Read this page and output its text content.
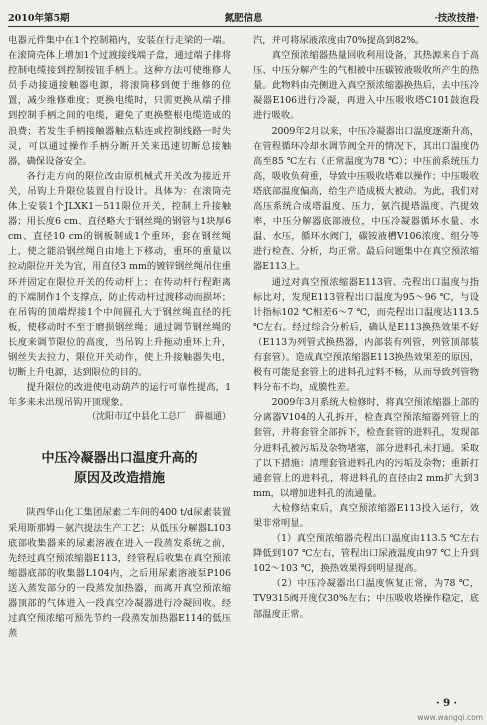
2010年第5期	氮肥信息	·技改技措·

电器元件集中在1个控制箱内，安装在行走梁的一端。在滚筒壳体上增加1个过渡接线端子盒，通过端子排将控制电缆接到控制按钮手柄上。这种方法可使维修人员手动接通接触器电源，将滚筒移到便于维修的位置，减少维修难度；更换电缆时，只需更换从端子排到控制手柄之间的电缆，避免了更换整根电缆造成的浪费；若发生手柄接触器触点粘连或控制线路一时失灵，可以通过操作手柄分断开关来迅速切断总接触器，确保设备安全。

各行走方向的限位改由原机械式开关改为接近开关，吊钩上升限位装置自行设计。具体为：在滚筒壳体上安装1个JLXK1－511限位开关，控制上升接触器；用长度6 cm、直径略大于钢丝绳的钢管与1块厚6 cm、直径10 cm的钢板制成1个重环，套在钢丝绳上，使之能沿钢丝绳自由地上下移动，重环的重量以拉动限位开关为宜，用直径3 mm的镀锌钢丝绳吊住重环并固定在限位开关的传动杆上；在传动杆行程距离的下端制作1个支撑点，防止传动杆过渡移动而损坏；在吊钩的顶端焊接1个中间圆孔大于钢丝绳直径的托板，使移动时不至于磨损钢丝绳；通过调节钢丝绳的长度来调节限位的高度，当吊钩上升拖动重环上升，钢丝失去拉力，限位开关动作，使上升接触器失电，切断上升电源，达到限位的目的。

提升限位的改进使电动葫芦的运行可靠性提高，1年多来未出现吊钩开顶现象。

（沈阳市辽中县化工总厂　薛福通）

中压冷凝器出口温度升高的
原因及改造措施

陕西华山化工集团尿素二车间的400 t/d尿素装置采用斯那姆－氨汽提法生产工艺；从低压分解器L103底部收集器来的尿素溶液在进入一段蒸发系统之前，先经过真空预浓缩器E113，经管程后收集在真空预浓缩器底部的收集器L104内，之后用尿素溶液泵P106送入蒸发部分的一段蒸发加热器，而离开真空预浓缩器顶部的气体进入一段真空冷凝器进行冷凝回收。经过真空预浓缩可预先节约一段蒸发加热器E114的低压蒸

汽，并可将尿液浓度由70%提高到82%。

真空预浓缩器热量回收利用设备，其热源来自于高压、中压分解产生的气相被中压碳铵液吸收所产生的热量。此物料由壳侧进入真空预浓缩器换热后，去中压冷凝器E106进行冷凝，再进入中压吸收塔C101鼓泡段进行吸收。

2009年2月以来，中压冷凝器出口温度逐渐升高，在管程循环冷却水调节阀全开的情况下，其出口温度仍高至85 ℃左右（正常温度为78 ℃）；中压前系统压力高，吸收负荷重，导致中压吸收塔难以操作；中压吸收塔底部温度偏高，给生产造成极大被动。为此，我们对高压系统合成塔温度、压力，氨汽提塔温度、汽提效率，中压分解器底部液位，中压冷凝器循环水量、水温、水压，循环水阀门，碳铵液槽V106浓度、组分等进行检查、分析，均正常。最后问题集中在真空预浓缩器E113上。

通过对真空预浓缩器E113管、壳程出口温度与指标比对，发现E113管程出口温度为95～96 ℃，与设计指标102 ℃相差6～7 ℃，而壳程出口温度达113.5 ℃左右。经过综合分析后，确认是E113换热效果不好（E113为列管式换热器，内部装有列管，列管顶部装有套管）。造成真空预浓缩器E113换热效果差的原因，极有可能是套管上的进料孔过料不畅，从而导致列管物料分布不均，成膜性差。

2009年3月系统大检修时，将真空预浓缩器上部的分离器V104的人孔拆开，检查真空预浓缩器列管上的套管，并将套管全部拆下，检查套管的进料孔，发现部分进料孔被污垢及杂物堵塞，部分进料孔未打通。采取了以下措施：清理套管进料孔内的污垢及杂物；重新打通套管上的进料孔，将进料孔的直径由2 mm扩大到3 mm，以增加进料孔的流通量。

大检修结束后，真空预浓缩器E113投入运行，效果非常明显。

（1）真空预浓缩器壳程出口温度由113.5 ℃左右降低到107 ℃左右，管程出口尿液温度由97 ℃上升到102～103 ℃，换热效果得到明显提高。

（2）中压冷凝器出口温度恢复正常，为78 ℃，TV9315阀开度仅30%左右；中压吸收塔操作稳定，底部温度正常。

· 9 ·
www.wangqi.com
